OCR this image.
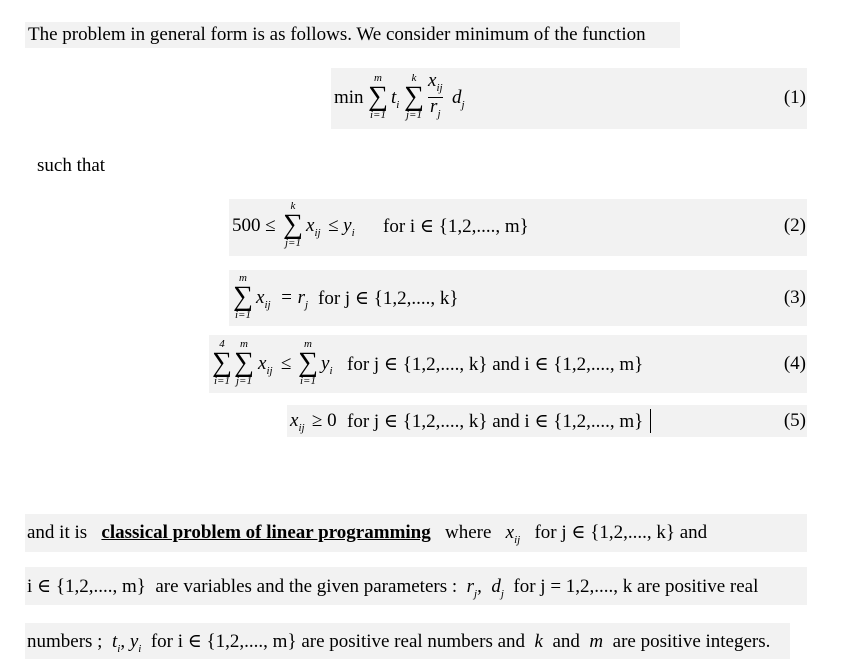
The problem in general form is as follows. We consider minimum of the function
min
m
∑
i=1
$t_i$
k
∑
$j=1 \frac{x_{ij}}{r_j} d_j$	(1)
such that
500 ≤
k
∑
j=1
$x_{ij} \le y_i$ for i ∈ {1,2,...., m}	(2)
m
∑
i=1
$x_{ij} = r_j$ for j ∈ {1,2,...., k}	(3)
4
∑
i=1
m
∑
j=1
$x_{ij}$ ≤
m
∑
i=1
$y_i$ for j ∈ {1,2,...., k} and i ∈ {1,2,...., m}	(4)
$x_{ij} \ge 0$ for j ∈ {1,2,...., k} and i ∈ {1,2,...., m}	(5)
and it is classical problem of linear programming where $x_{ij}$ for j ∈ {1,2,...., k} and
i ∈ {1,2,...., m} are variables and the given parameters : $r_j$, $d_j$ for j = 1,2,...., k are positive real
numbers ; $t_i$, $y_i$ for i ∈ {1,2,...., m} are positive real numbers and k and m are positive integers.
